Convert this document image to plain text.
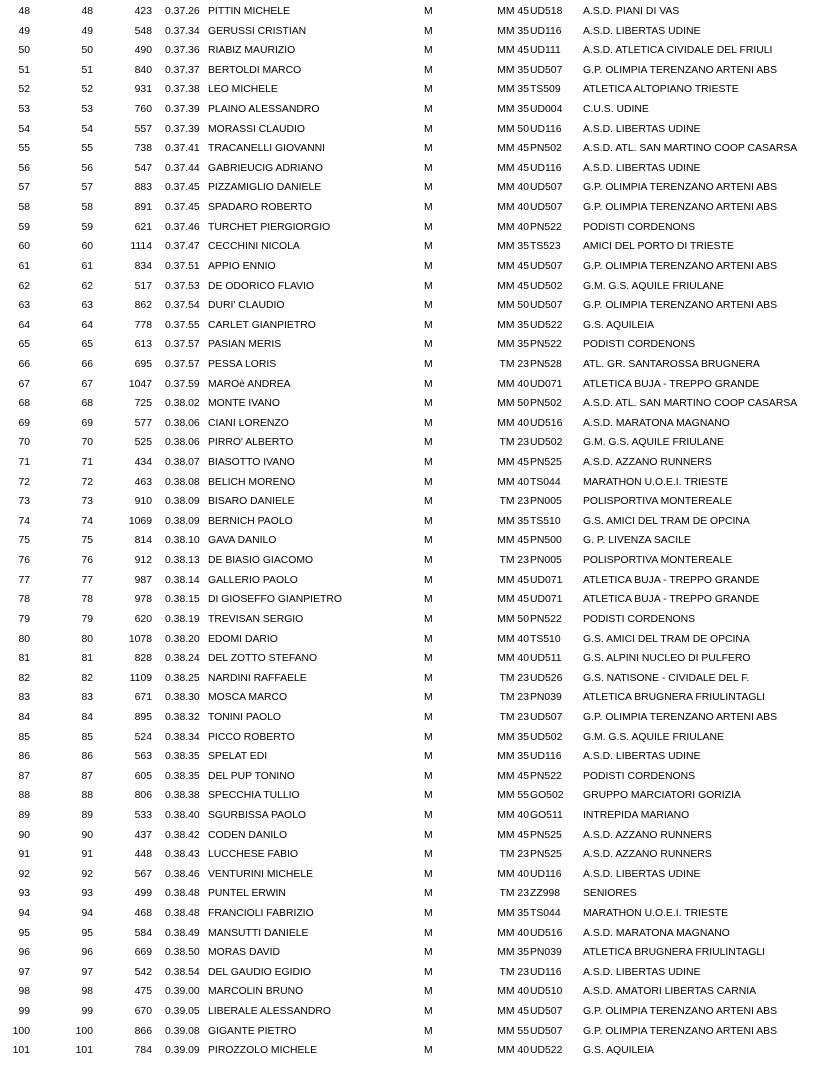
48	48	423 0.37.26 PITTIN MICHELE	M	MM 45 UD518 A.S.D. PIANI DI VAS
49	49	548 0.37.34 GERUSSI CRISTIAN	M	MM 35 UD116 A.S.D. LIBERTAS UDINE
50	50	490 0.37.36 RIABIZ MAURIZIO	M	MM 45 UD111 A.S.D. ATLETICA CIVIDALE DEL FRIULI
51	51	840 0.37.37 BERTOLDI MARCO	M	MM 35 UD507 G.P. OLIMPIA TERENZANO ARTENI ABS
52	52	931 0.37.38 LEO MICHELE	M	MM 35 TS509 ATLETICA ALTOPIANO TRIESTE
53	53	760 0.37.39 PLAINO ALESSANDRO	M	MM 35 UD004 C.U.S. UDINE
54	54	557 0.37.39 MORASSI CLAUDIO	M	MM 50 UD116 A.S.D. LIBERTAS UDINE
55	55	738 0.37.41 TRACANELLI GIOVANNI	M	MM 45 PN502 A.S.D. ATL. SAN MARTINO COOP CASARSA
56	56	547 0.37.44 GABRIEUCIG ADRIANO	M	MM 45 UD116 A.S.D. LIBERTAS UDINE
57	57	883 0.37.45 PIZZAMIGLIO DANIELE	M	MM 40 UD507 G.P. OLIMPIA TERENZANO ARTENI ABS
58	58	891 0.37.45 SPADARO ROBERTO	M	MM 40 UD507 G.P. OLIMPIA TERENZANO ARTENI ABS
59	59	621 0.37.46 TURCHET PIERGIORGIO	M	MM 40 PN522 PODISTI CORDENONS
60	60	1114 0.37.47 CECCHINI NICOLA	M	MM 35 TS523 AMICI DEL PORTO DI TRIESTE
61	61	834 0.37.51 APPIO ENNIO	M	MM 45 UD507 G.P. OLIMPIA TERENZANO ARTENI ABS
62	62	517 0.37.53 DE ODORICO FLAVIO	M	MM 45 UD502 G.M. G.S. AQUILE FRIULANE
63	63	862 0.37.54 DURI' CLAUDIO	M	MM 50 UD507 G.P. OLIMPIA TERENZANO ARTENI ABS
64	64	778 0.37.55 CARLET GIANPIETRO	M	MM 35 UD522 G.S. AQUILEIA
65	65	613 0.37.57 PASIAN MERIS	M	MM 35 PN522 PODISTI CORDENONS
66	66	695 0.37.57 PESSA LORIS	M	TM 23 PN528 ATL. GR. SANTAROSSA BRUGNERA
67	67	1047 0.37.59 MAROè ANDREA	M	MM 40 UD071 ATLETICA BUJA - TREPPO GRANDE
68	68	725 0.38.02 MONTE IVANO	M	MM 50 PN502 A.S.D. ATL. SAN MARTINO COOP CASARSA
69	69	577 0.38.06 CIANI LORENZO	M	MM 40 UD516 A.S.D. MARATONA MAGNANO
70	70	525 0.38.06 PIRRO' ALBERTO	M	TM 23 UD502 G.M. G.S. AQUILE FRIULANE
71	71	434 0.38.07 BIASOTTO IVANO	M	MM 45 PN525 A.S.D. AZZANO RUNNERS
72	72	463 0.38.08 BELICH MORENO	M	MM 40 TS044 MARATHON U.O.E.I. TRIESTE
73	73	910 0.38.09 BISARO DANIELE	M	TM 23 PN005 POLISPORTIVA MONTEREALE
74	74	1069 0.38.09 BERNICH PAOLO	M	MM 35 TS510 G.S. AMICI DEL TRAM DE OPCINA
75	75	814 0.38.10 GAVA DANILO	M	MM 45 PN500 G. P. LIVENZA SACILE
76	76	912 0.38.13 DE BIASIO GIACOMO	M	TM 23 PN005 POLISPORTIVA MONTEREALE
77	77	987 0.38.14 GALLERIO PAOLO	M	MM 45 UD071 ATLETICA BUJA - TREPPO GRANDE
78	78	978 0.38.15 DI GIOSEFFO GIANPIETRO	M	MM 45 UD071 ATLETICA BUJA - TREPPO GRANDE
79	79	620 0.38.19 TREVISAN SERGIO	M	MM 50 PN522 PODISTI CORDENONS
80	80	1078 0.38.20 EDOMI DARIO	M	MM 40 TS510 G.S. AMICI DEL TRAM DE OPCINA
81	81	828 0.38.24 DEL ZOTTO STEFANO	M	MM 40 UD511 G.S. ALPINI NUCLEO DI PULFERO
82	82	1109 0.38.25 NARDINI RAFFAELE	M	TM 23 UD526 G.S. NATISONE - CIVIDALE DEL F.
83	83	671 0.38.30 MOSCA MARCO	M	TM 23 PN039 ATLETICA BRUGNERA FRIULINTAGLI
84	84	895 0.38.32 TONINI PAOLO	M	TM 23 UD507 G.P. OLIMPIA TERENZANO ARTENI ABS
85	85	524 0.38.34 PICCO ROBERTO	M	MM 35 UD502 G.M. G.S. AQUILE FRIULANE
86	86	563 0.38.35 SPELAT EDI	M	MM 35 UD116 A.S.D. LIBERTAS UDINE
87	87	605 0.38.35 DEL PUP TONINO	M	MM 45 PN522 PODISTI CORDENONS
88	88	806 0.38.38 SPECCHIA TULLIO	M	MM 55 GO502 GRUPPO MARCIATORI GORIZIA
89	89	533 0.38.40 SGURBISSA PAOLO	M	MM 40 GO511 INTREPIDA MARIANO
90	90	437 0.38.42 CODEN DANILO	M	MM 45 PN525 A.S.D. AZZANO RUNNERS
91	91	448 0.38.43 LUCCHESE FABIO	M	TM 23 PN525 A.S.D. AZZANO RUNNERS
92	92	567 0.38.46 VENTURINI MICHELE	M	MM 40 UD116 A.S.D. LIBERTAS UDINE
93	93	499 0.38.48 PUNTEL ERWIN	M	TM 23 ZZ998 SENIORES
94	94	468 0.38.48 FRANCIOLI FABRIZIO	M	MM 35 TS044 MARATHON U.O.E.I. TRIESTE
95	95	584 0.38.49 MANSUTTI DANIELE	M	MM 40 UD516 A.S.D. MARATONA MAGNANO
96	96	669 0.38.50 MORAS DAVID	M	MM 35 PN039 ATLETICA BRUGNERA FRIULINTAGLI
97	97	542 0.38.54 DEL GAUDIO EGIDIO	M	TM 23 UD116 A.S.D. LIBERTAS UDINE
98	98	475 0.39.00 MARCOLIN BRUNO	M	MM 40 UD510 A.S.D. AMATORI LIBERTAS CARNIA
99	99	670 0.39.05 LIBERALE ALESSANDRO	M	MM 45 UD507 G.P. OLIMPIA TERENZANO ARTENI ABS
100	100	866 0.39.08 GIGANTE PIETRO	M	MM 55 UD507 G.P. OLIMPIA TERENZANO ARTENI ABS
101	101	784 0.39.09 PIROZZOLO MICHELE	M	MM 40 UD522 G.S. AQUILEIA
